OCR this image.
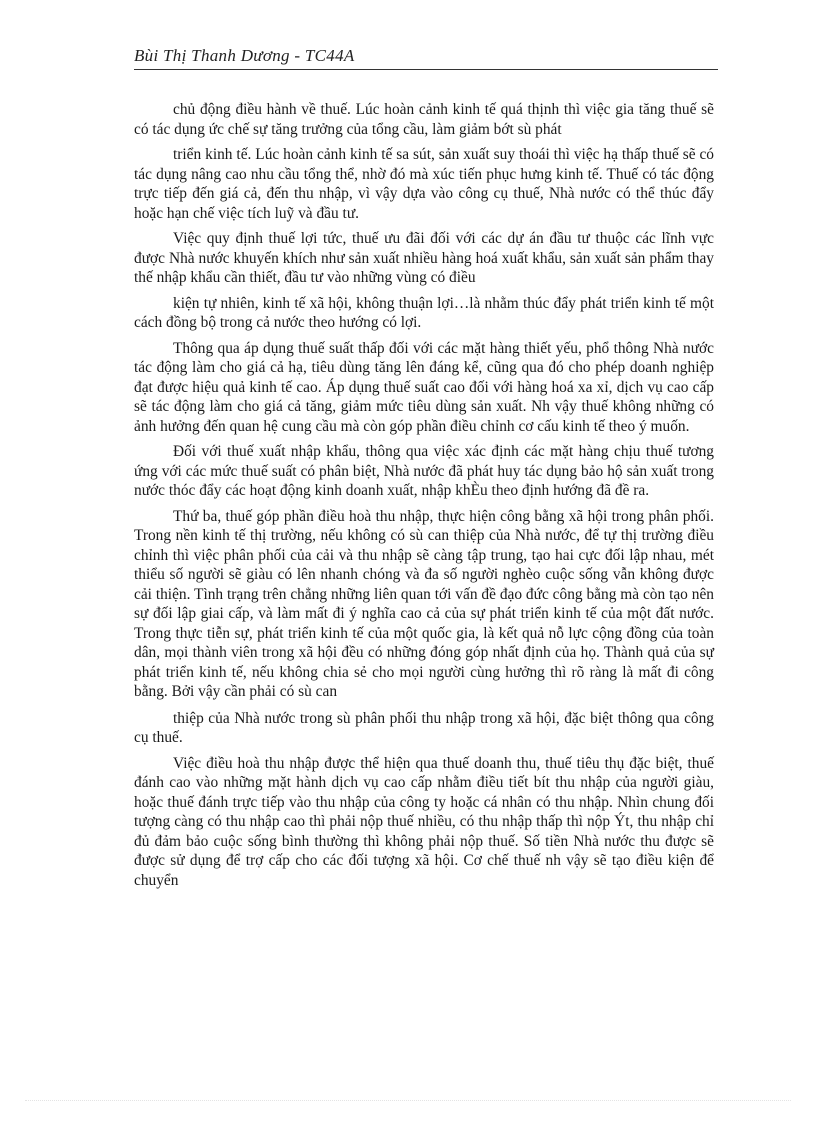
Bùi Thị Thanh Dương - TC44A

chủ động điều hành về thuế. Lúc hoàn cảnh kinh tế quá thịnh thì việc gia tăng thuế sẽ có tác dụng ức chế sự tăng trưởng của tổng cầu, làm giảm bớt sù phát

triển kinh tế. Lúc hoàn cảnh kinh tế sa sút, sản xuất suy thoái thì việc hạ thấp thuế sẽ có tác dụng nâng cao nhu cầu tổng thể, nhờ đó mà xúc tiến phục hưng kinh tế. Thuế có tác động trực tiếp đến giá cả, đến thu nhập, vì vậy dựa vào công cụ thuế, Nhà nước có thể thúc đẩy hoặc hạn chế việc tích luỹ và đầu tư.

Việc quy định thuế lợi tức, thuế ưu đãi đối với các dự án đầu tư thuộc các lĩnh vực được Nhà nước khuyến khích như sản xuất nhiều hàng hoá xuất khẩu, sản xuất sản phẩm thay thế nhập khẩu cần thiết, đầu tư vào những vùng có điều

kiện tự nhiên, kinh tế xã hội, không thuận lợi…là nhằm thúc đẩy phát triển kinh tế một cách đồng bộ trong cả nước theo hướng có lợi.

Thông qua áp dụng thuế suất thấp đối với các mặt hàng thiết yếu, phổ thông Nhà nước tác động làm cho giá cả hạ, tiêu dùng tăng lên đáng kể, cũng qua đó cho phép doanh nghiệp đạt được hiệu quả kinh tế cao. Áp dụng thuế suất cao đối với hàng hoá xa xỉ, dịch vụ cao cấp sẽ tác động làm cho giá cả tăng, giảm mức tiêu dùng sản xuất. Nh vậy thuế không những có ảnh hưởng đến quan hệ cung cầu mà còn góp phần điều chỉnh cơ cấu kinh tế theo ý muốn.

Đối với thuế xuất nhập khẩu, thông qua việc xác định các mặt hàng chịu thuế tương ứng với các mức thuế suất có phân biệt, Nhà nước đã phát huy tác dụng bảo hộ sản xuất trong nước thóc đẩy các hoạt động kinh doanh xuất, nhập khÈu theo định hướng đã đề ra.

Thứ ba, thuế góp phần điều hoà thu nhập, thực hiện công bằng xã hội trong phân phối. Trong nền kinh tế thị trường, nếu không có sù can thiệp của Nhà nước, để tự thị trường điều chỉnh thì việc phân phối của cải và thu nhập sẽ càng tập trung, tạo hai cực đối lập nhau, mét thiểu số người sẽ giàu có lên nhanh chóng và đa số người nghèo cuộc sống vẫn không được cải thiện. Tình trạng trên chẳng những liên quan tới vấn đề đạo đức công bằng mà còn tạo nên sự đối lập giai cấp, và làm mất đi ý nghĩa cao cả của sự phát triển kinh tế của một đất nước. Trong thực tiễn sự, phát triển kinh tế của một quốc gia, là kết quả nỗ lực cộng đồng của toàn dân, mọi thành viên trong xã hội đều có những đóng góp nhất định của họ. Thành quả của sự phát triển kinh tế, nếu không chia sẻ cho mọi người cùng hưởng thì rõ ràng là mất đi công bằng. Bởi vậy cần phải có sù can

thiệp của Nhà nước trong sù phân phối thu nhập trong xã hội, đặc biệt thông qua công cụ thuế.

Việc điều hoà thu nhập được thể hiện qua thuế doanh thu, thuế tiêu thụ đặc biệt, thuế đánh cao vào những mặt hành dịch vụ cao cấp nhằm điều tiết bít thu nhập của người giàu, hoặc thuế đánh trực tiếp vào thu nhập của công ty hoặc cá nhân có thu nhập. Nhìn chung đối tượng càng có thu nhập cao thì phải nộp thuế nhiều, có thu nhập thấp thì nộp Ýt, thu nhập chỉ đủ đảm bảo cuộc sống bình thường thì không phải nộp thuế. Số tiền Nhà nước thu được sẽ được sử dụng để trợ cấp cho các đối tượng xã hội. Cơ chế thuế nh vậy sẽ tạo điều kiện để chuyển
